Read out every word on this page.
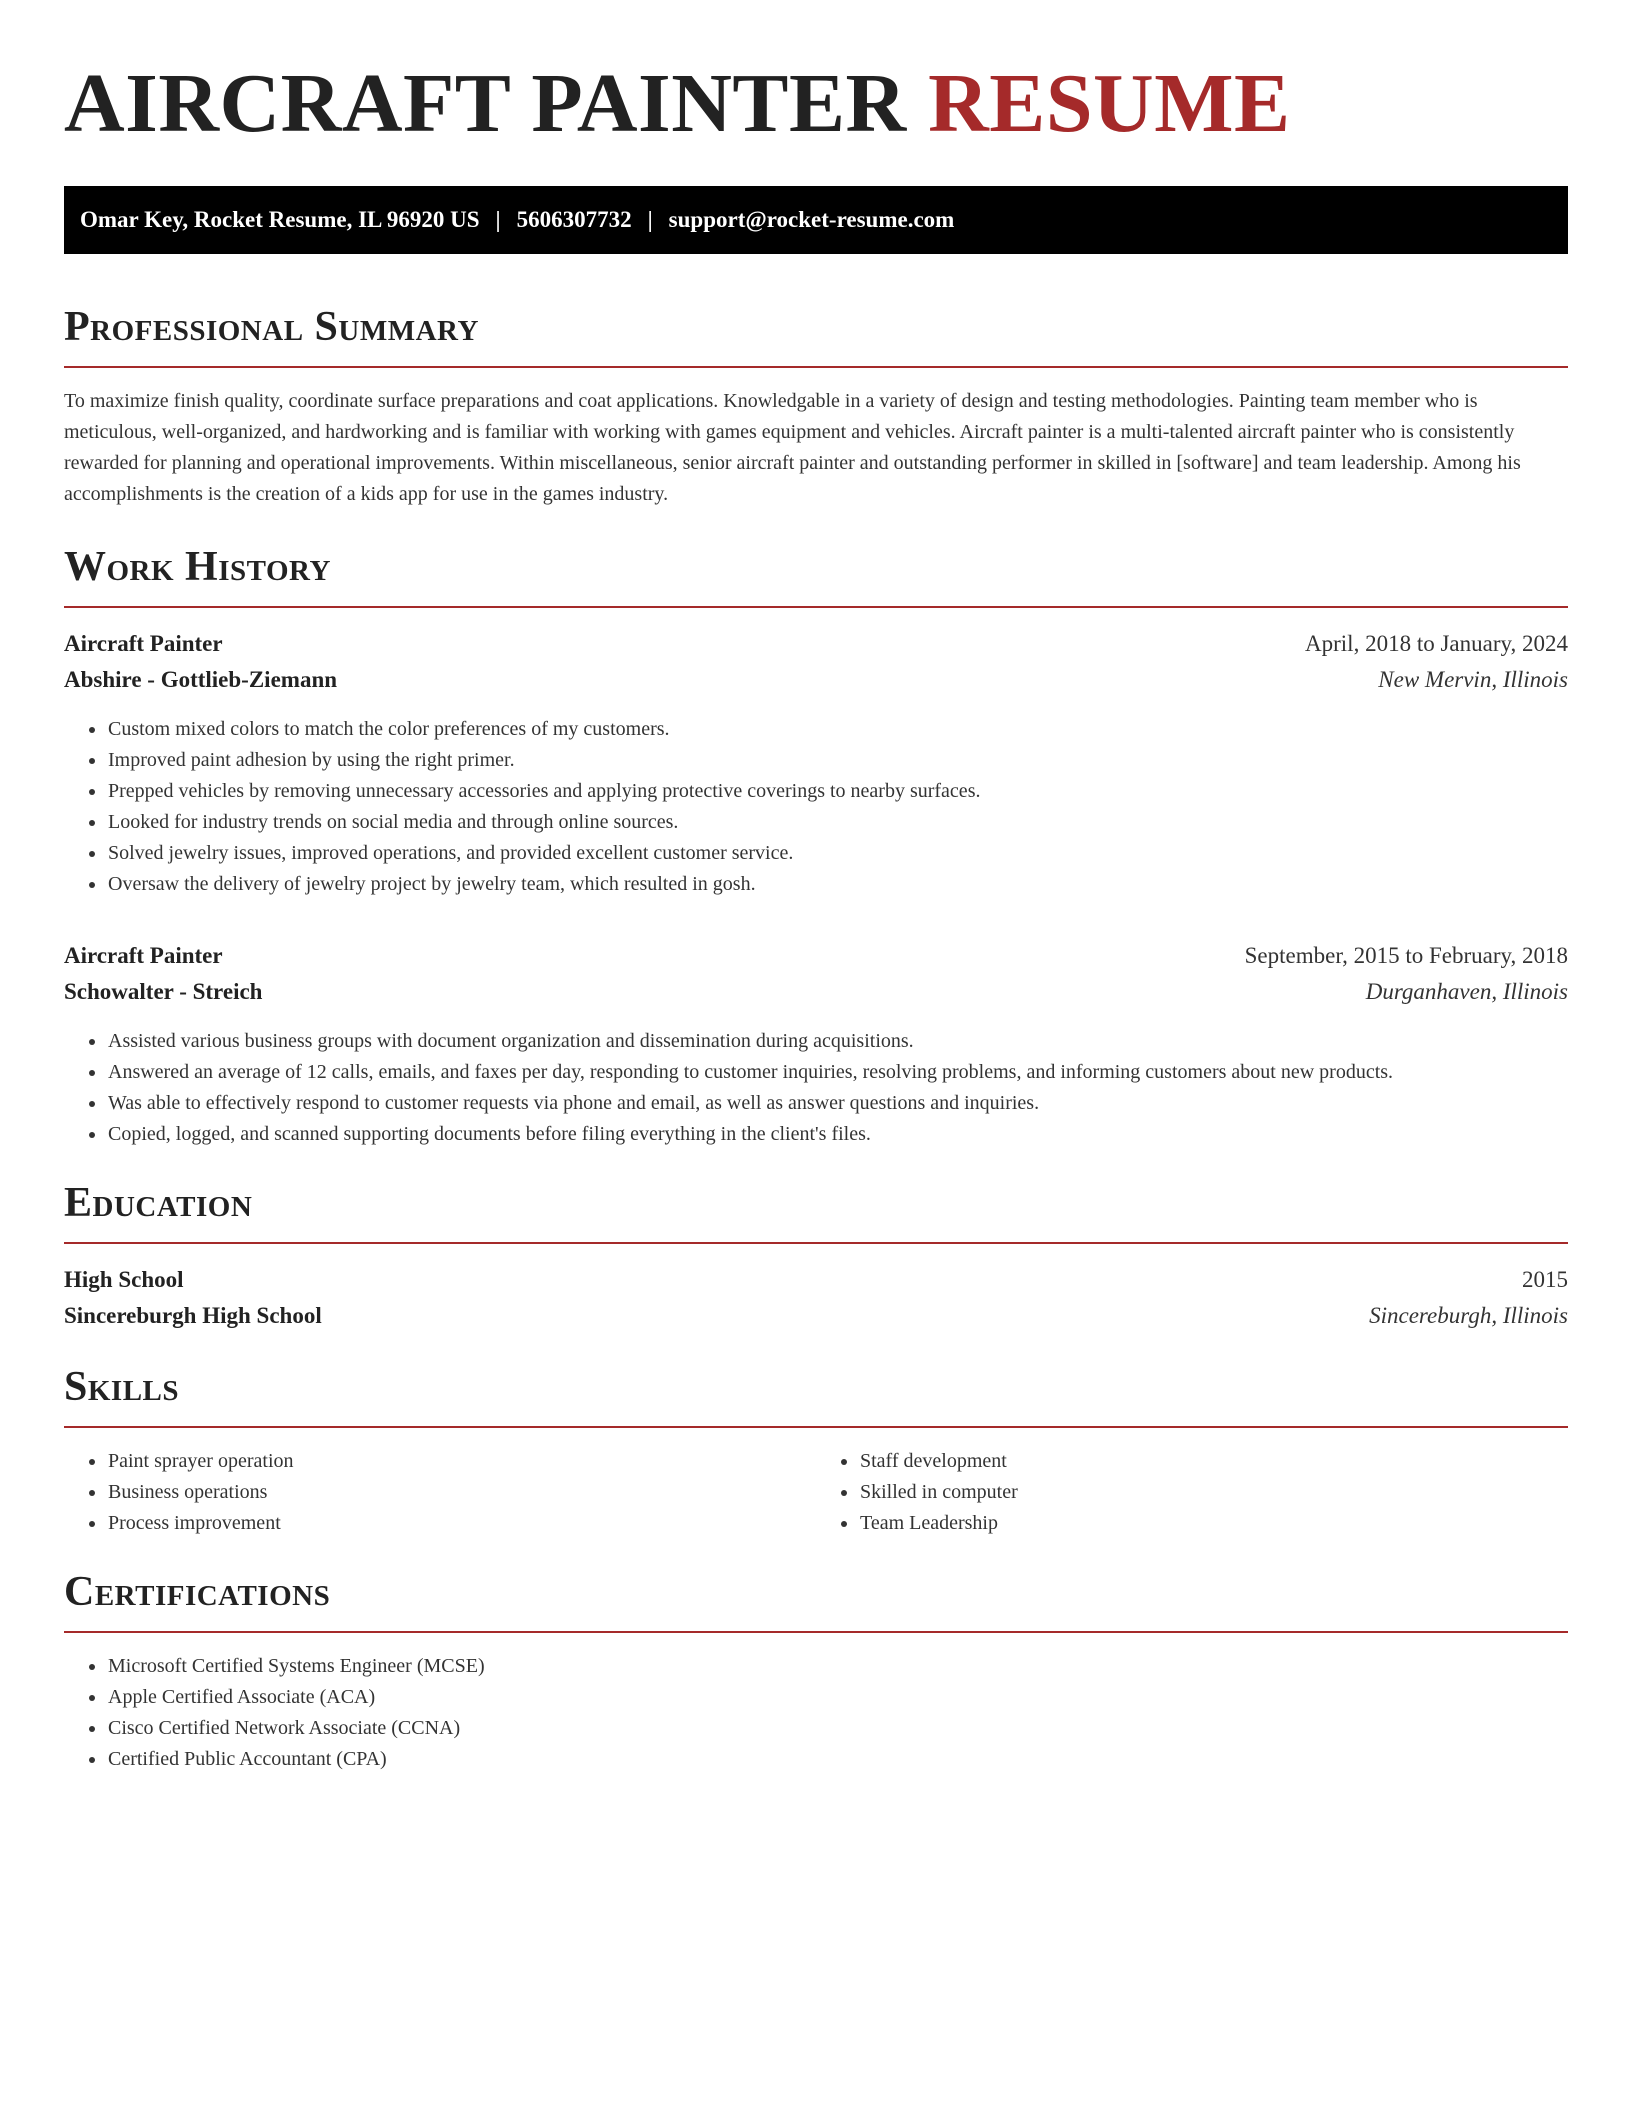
AIRCRAFT PAINTER RESUME
Omar Key, Rocket Resume, IL 96920 US | 5606307732 | support@rocket-resume.com
Professional Summary

To maximize finish quality, coordinate surface preparations and coat applications. Knowledgable in a variety of design and testing methodologies. Painting team member who is meticulous, well-organized, and hardworking and is familiar with working with games equipment and vehicles. Aircraft painter is a multi-talented aircraft painter who is consistently rewarded for planning and operational improvements. Within miscellaneous, senior aircraft painter and outstanding performer in skilled in [software] and team leadership. Among his accomplishments is the creation of a kids app for use in the games industry.

Work History
Aircraft Painter	April, 2018 to January, 2024
Abshire - Gottlieb-Ziemann	New Mervin, Illinois
• Custom mixed colors to match the color preferences of my customers.
• Improved paint adhesion by using the right primer.
• Prepped vehicles by removing unnecessary accessories and applying protective coverings to nearby surfaces.
• Looked for industry trends on social media and through online sources.
• Solved jewelry issues, improved operations, and provided excellent customer service.
• Oversaw the delivery of jewelry project by jewelry team, which resulted in gosh.
Aircraft Painter	September, 2015 to February, 2018
Schowalter - Streich	Durganhaven, Illinois
• Assisted various business groups with document organization and dissemination during acquisitions.
• Answered an average of 12 calls, emails, and faxes per day, responding to customer inquiries, resolving problems, and informing customers about new products.
• Was able to effectively respond to customer requests via phone and email, as well as answer questions and inquiries.
• Copied, logged, and scanned supporting documents before filing everything in the client's files.
Education
High School	2015
Sincereburgh High School	Sincereburgh, Illinois
Skills
• Paint sprayer operation
• Business operations
• Process improvement
• Staff development
• Skilled in computer
• Team Leadership
Certifications
• Microsoft Certified Systems Engineer (MCSE)
• Apple Certified Associate (ACA)
• Cisco Certified Network Associate (CCNA)
• Certified Public Accountant (CPA)
